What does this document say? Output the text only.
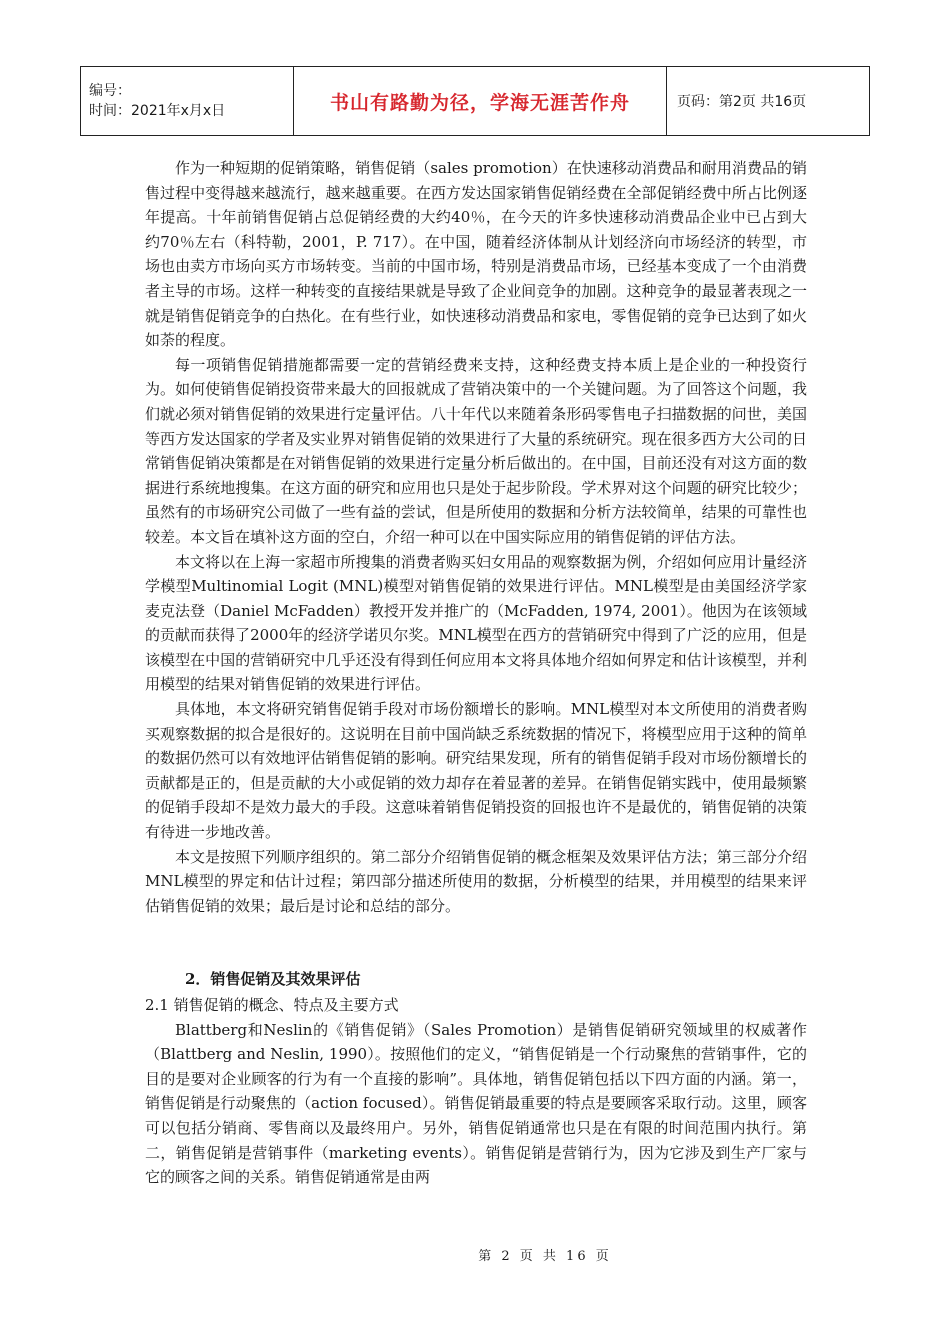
编号：
时间：2021年x月x日	书山有路勤为径，学海无涯苦作舟	页码：第2页 共16页

作为一种短期的促销策略，销售促销（sales promotion）在快速移动消费品和耐用消费品的销售过程中变得越来越流行，越来越重要。在西方发达国家销售促销经费在全部促销经费中所占比例逐年提高。十年前销售促销占总促销经费的大约40％，在今天的许多快速移动消费品企业中已占到大约70％左右（科特勒，2001，P. 717）。在中国，随着经济体制从计划经济向市场经济的转型，市场也由卖方市场向买方市场转变。当前的中国市场，特别是消费品市场，已经基本变成了一个由消费者主导的市场。这样一种转变的直接结果就是导致了企业间竞争的加剧。这种竞争的最显著表现之一就是销售促销竞争的白热化。在有些行业，如快速移动消费品和家电，零售促销的竞争已达到了如火如荼的程度。

每一项销售促销措施都需要一定的营销经费来支持，这种经费支持本质上是企业的一种投资行为。如何使销售促销投资带来最大的回报就成了营销决策中的一个关键问题。为了回答这个问题，我们就必须对销售促销的效果进行定量评估。八十年代以来随着条形码零售电子扫描数据的问世，美国等西方发达国家的学者及实业界对销售促销的效果进行了大量的系统研究。现在很多西方大公司的日常销售促销决策都是在对销售促销的效果进行定量分析后做出的。在中国，目前还没有对这方面的数据进行系统地搜集。在这方面的研究和应用也只是处于起步阶段。学术界对这个问题的研究比较少；虽然有的市场研究公司做了一些有益的尝试，但是所使用的数据和分析方法较简单，结果的可靠性也较差。本文旨在填补这方面的空白，介绍一种可以在中国实际应用的销售促销的评估方法。

本文将以在上海一家超市所搜集的消费者购买妇女用品的观察数据为例，介绍如何应用计量经济学模型Multinomial Logit (MNL)模型对销售促销的效果进行评估。MNL模型是由美国经济学家麦克法登（Daniel McFadden）教授开发并推广的（McFadden, 1974, 2001）。他因为在该领域的贡献而获得了2000年的经济学诺贝尔奖。MNL模型在西方的营销研究中得到了广泛的应用，但是该模型在中国的营销研究中几乎还没有得到任何应用本文将具体地介绍如何界定和估计该模型，并利用模型的结果对销售促销的效果进行评估。

具体地，本文将研究销售促销手段对市场份额增长的影响。MNL模型对本文所使用的消费者购买观察数据的拟合是很好的。这说明在目前中国尚缺乏系统数据的情况下，将模型应用于这种的简单的数据仍然可以有效地评估销售促销的影响。研究结果发现，所有的销售促销手段对市场份额增长的贡献都是正的，但是贡献的大小或促销的效力却存在着显著的差异。在销售促销实践中，使用最频繁的促销手段却不是效力最大的手段。这意味着销售促销投资的回报也许不是最优的，销售促销的决策有待进一步地改善。

本文是按照下列顺序组织的。第二部分介绍销售促销的概念框架及效果评估方法；第三部分介绍MNL模型的界定和估计过程；第四部分描述所使用的数据，分析模型的结果，并用模型的结果来评估销售促销的效果；最后是讨论和总结的部分。

2．销售促销及其效果评估

2.1 销售促销的概念、特点及主要方式

Blattberg和Neslin的《销售促销》（Sales Promotion）是销售促销研究领域里的权威著作（Blattberg and Neslin, 1990）。按照他们的定义，“销售促销是一个行动聚焦的营销事件，它的目的是要对企业顾客的行为有一个直接的影响”。具体地，销售促销包括以下四方面的内涵。第一，销售促销是行动聚焦的（action focused）。销售促销最重要的特点是要顾客采取行动。这里，顾客可以包括分销商、零售商以及最终用户。另外，销售促销通常也只是在有限的时间范围内执行。第二，销售促销是营销事件（marketing events）。销售促销是营销行为，因为它涉及到生产厂家与它的顾客之间的关系。销售促销通常是由两

第 2 页 共 16 页
